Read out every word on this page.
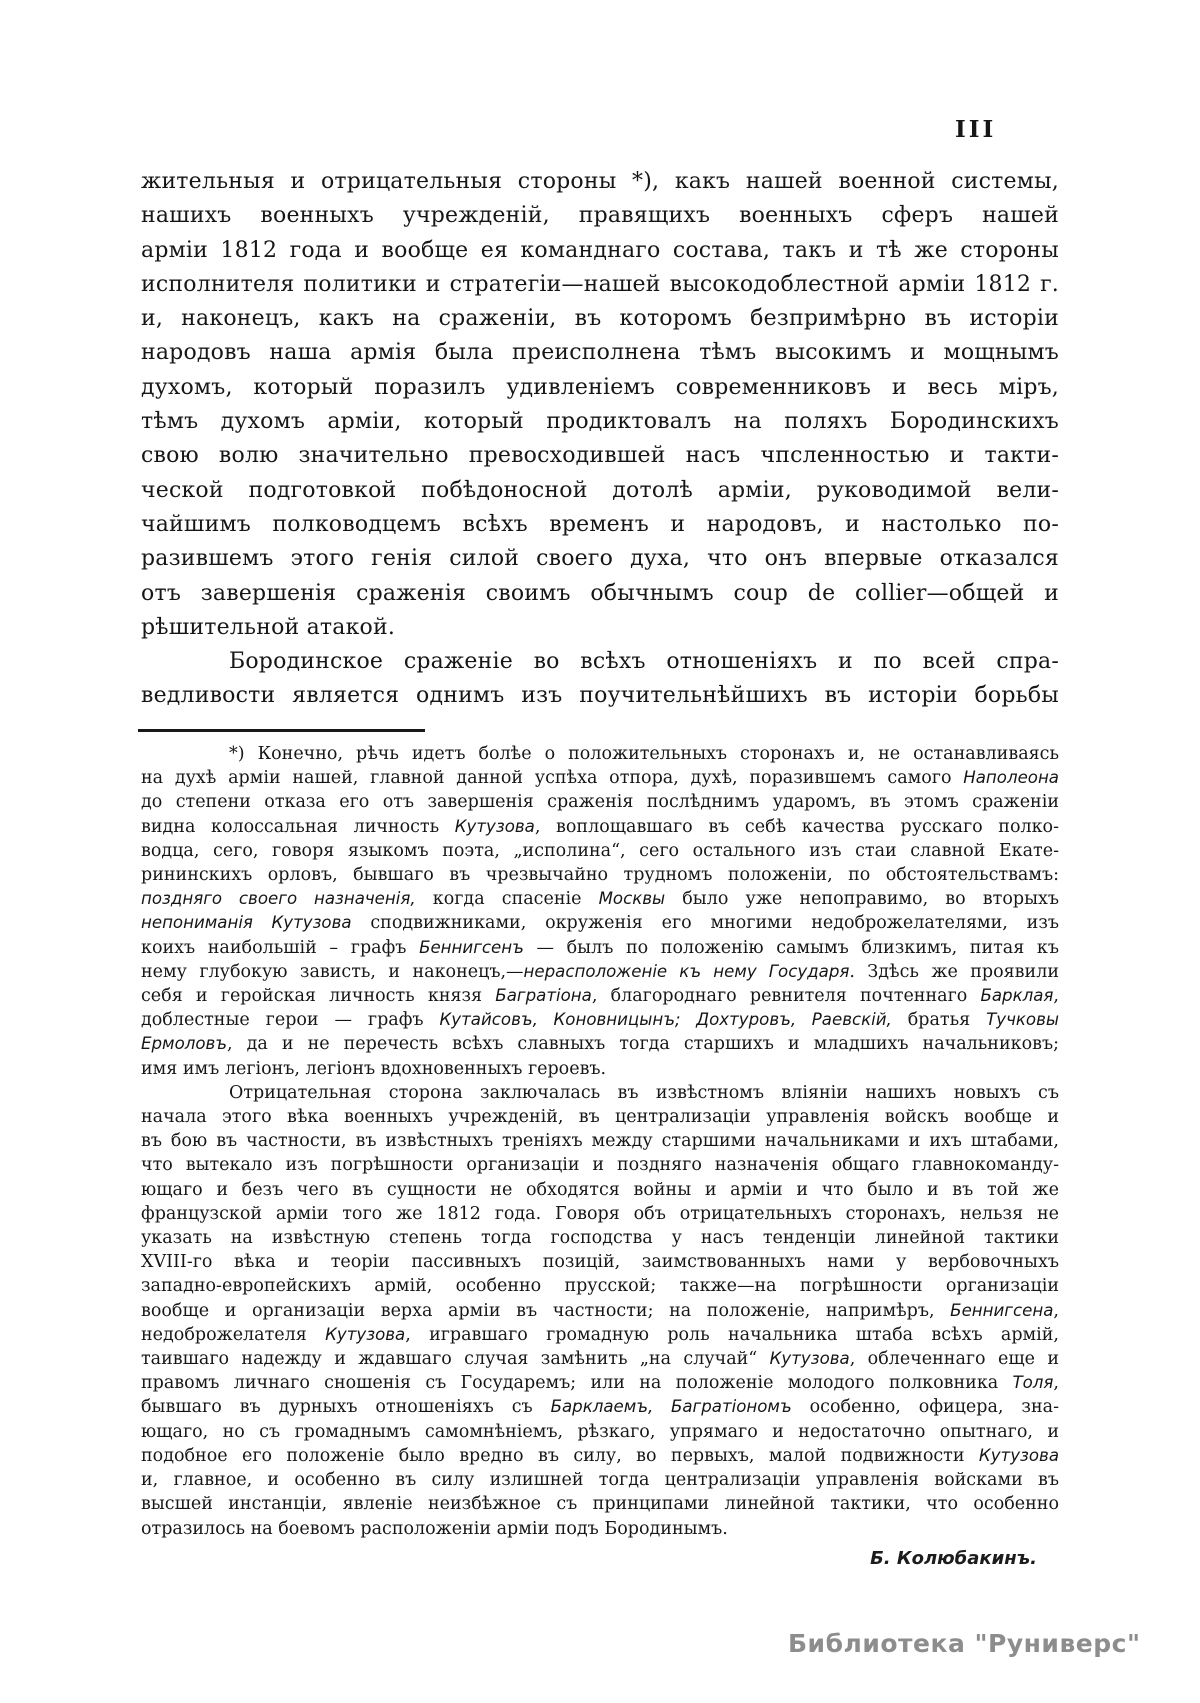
III
жительныя и отрицательныя стороны *), какъ нашей военной системы,
нашихъ военныхъ учрежденій, правящихъ военныхъ сферъ нашей
арміи 1812 года и вообще ея команднаго состава, такъ и тѣ же стороны
исполнителя политики и стратегіи—нашей высокодоблестной арміи 1812 г.
и, наконецъ, какъ на сраженіи, въ которомъ безпримѣрно въ исторіи
народовъ наша армія была преисполнена тѣмъ высокимъ и мощнымъ
духомъ, который поразилъ удивленіемъ современниковъ и весь міръ,
тѣмъ духомъ арміи, который продиктовалъ на поляхъ Бородинскихъ
свою волю значительно превосходившей насъ чпсленностью и такти-
ческой подготовкой побѣдоносной дотолѣ арміи, руководимой вели-
чайшимъ полководцемъ всѣхъ временъ и народовъ, и настолько по-
разившемъ этого генія силой своего духа, что онъ впервые отказался
отъ завершенія сраженія своимъ обычнымъ coup de collier—общей и
рѣшительной атакой.
Бородинское сраженіе во всѣхъ отношеніяхъ и по всей спра-
ведливости является однимъ изъ поучительнѣйшихъ въ исторіи борьбы
*) Конечно, рѣчь идетъ болѣе о положительныхъ сторонахъ и, не останавливаясь
на духѣ арміи нашей, главной данной успѣха отпора, духѣ, поразившемъ самого Наполеона
до степени отказа его отъ завершенія сраженія послѣднимъ ударомъ, въ этомъ сраженіи
видна колоссальная личность Кутузова, воплощавшаго въ себѣ качества русскаго полко-
водца, сего, говоря языкомъ поэта, „исполина“, сего остального изъ стаи славной Екате-
рининскихъ орловъ, бывшаго въ чрезвычайно трудномъ положеніи, по обстоятельствамъ:
поздняго своего назначенія, когда спасеніе Москвы было уже непоправимо, во вторыхъ
непониманія Кутузова сподвижниками, окруженія его многими недоброжелателями, изъ
коихъ наибольшій – графъ Беннигсенъ — былъ по положенію самымъ близкимъ, питая къ
нему глубокую зависть, и наконецъ,—нерасположеніе къ нему Государя. Здѣсь же проявили
себя и геройская личность князя Багратіона, благороднаго ревнителя почтеннаго Барклая,
доблестные герои — графъ Кутайсовъ, Коновницынъ; Дохтуровъ, Раевскій, братья Тучковы
Ермоловъ, да и не перечесть всѣхъ славныхъ тогда старшихъ и младшихъ начальниковъ;
имя имъ легіонъ, легіонъ вдохновенныхъ героевъ.
Отрицательная сторона заключалась въ извѣстномъ вліяніи нашихъ новыхъ съ
начала этого вѣка военныхъ учрежденій, въ централизаціи управленія войскъ вообще и
въ бою въ частности, въ извѣстныхъ треніяхъ между старшими начальниками и ихъ штабами,
что вытекало изъ погрѣшности организаціи и поздняго назначенія общаго главнокоманду-
ющаго и безъ чего въ сущности не обходятся войны и арміи и что было и въ той же
французской арміи того же 1812 года. Говоря объ отрицательныхъ сторонахъ, нельзя не
указать на извѣстную степень тогда господства у насъ тенденціи линейной тактики
XVIII-го вѣка и теоріи пассивныхъ позицій, заимствованныхъ нами у вербовочныхъ
западно-европейскихъ армій, особенно прусской; также—на погрѣшности организаціи
вообще и организаціи верха арміи въ частности; на положеніе, напримѣръ, Беннигсена,
недоброжелателя Кутузова, игравшаго громадную роль начальника штаба всѣхъ армій,
таившаго надежду и ждавшаго случая замѣнить „на случай“ Кутузова, облеченнаго еще и
правомъ личнаго сношенія съ Государемъ; или на положеніе молодого полковника Толя,
бывшаго въ дурныхъ отношеніяхъ съ Барклаемъ, Багратіономъ особенно, офицера, зна-
ющаго, но съ громаднымъ самомнѣніемъ, рѣзкаго, упрямаго и недостаточно опытнаго, и
подобное его положеніе было вредно въ силу, во первыхъ, малой подвижности Кутузова
и, главное, и особенно въ силу излишней тогда централизаціи управленія войсками въ
высшей инстанціи, явленіе неизбѣжное съ принципами линейной тактики, что особенно
отразилось на боевомъ расположеніи арміи подъ Бородинымъ.
Б. Колюбакинъ.
Библиотека "Руниверс"
